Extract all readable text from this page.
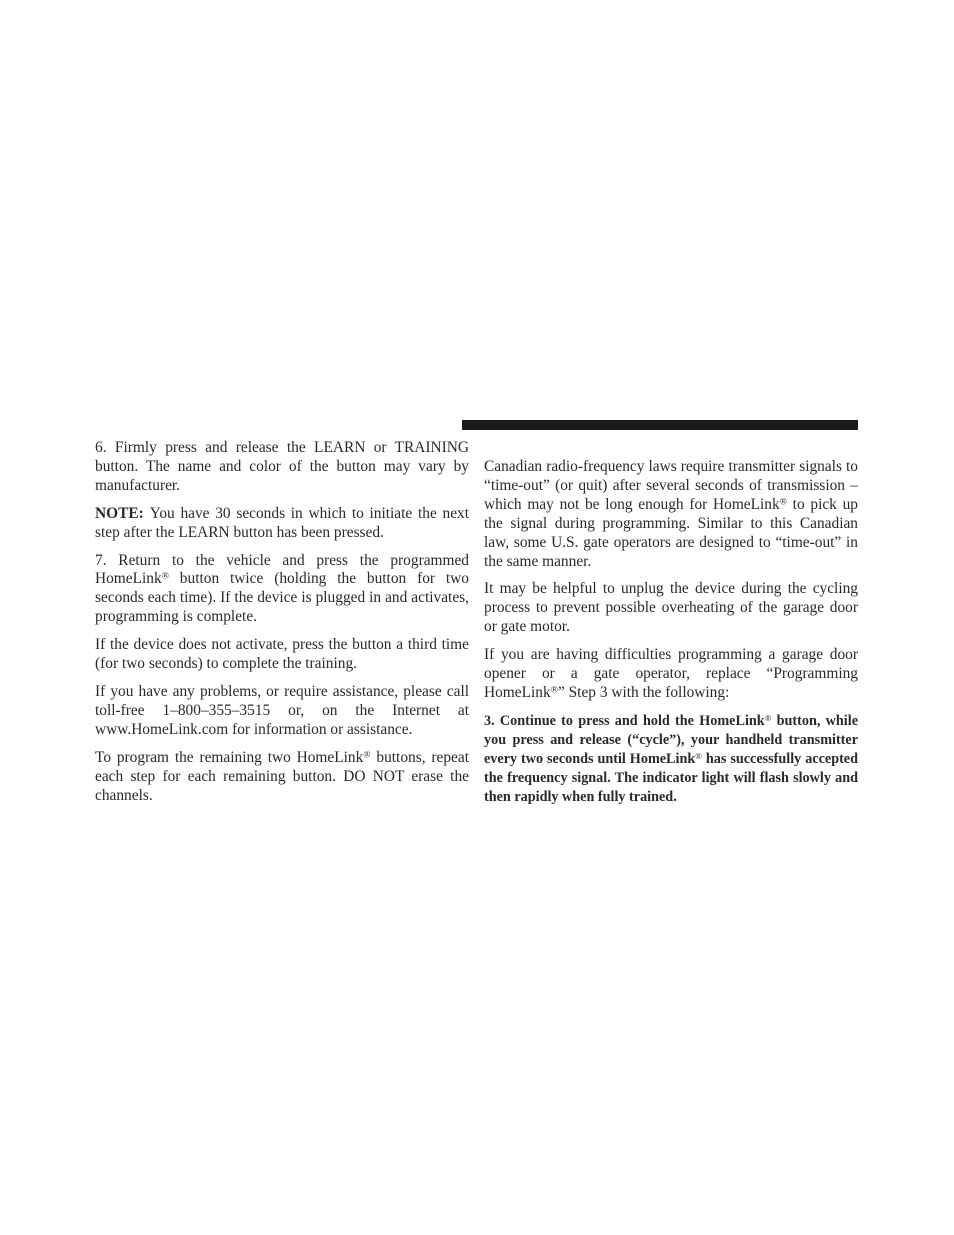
6. Firmly press and release the LEARN or TRAINING button. The name and color of the button may vary by manufacturer.

NOTE: You have 30 seconds in which to initiate the next step after the LEARN button has been pressed.

7. Return to the vehicle and press the programmed HomeLink® button twice (holding the button for two seconds each time). If the device is plugged in and activates, programming is complete.

If the device does not activate, press the button a third time (for two seconds) to complete the training.

If you have any problems, or require assistance, please call toll-free 1–800–355–3515 or, on the Internet at www.HomeLink.com for information or assistance.

To program the remaining two HomeLink® buttons, repeat each step for each remaining button. DO NOT erase the channels.

Canadian radio-frequency laws require transmitter signals to “time-out” (or quit) after several seconds of transmission – which may not be long enough for HomeLink® to pick up the signal during programming. Similar to this Canadian law, some U.S. gate operators are designed to “time-out” in the same manner.

It may be helpful to unplug the device during the cycling process to prevent possible overheating of the garage door or gate motor.

If you are having difficulties programming a garage door opener or a gate operator, replace “Programming HomeLink®” Step 3 with the following:

3. Continue to press and hold the HomeLink® button, while you press and release (“cycle”), your handheld transmitter every two seconds until HomeLink® has successfully accepted the frequency signal. The indicator light will flash slowly and then rapidly when fully trained.
